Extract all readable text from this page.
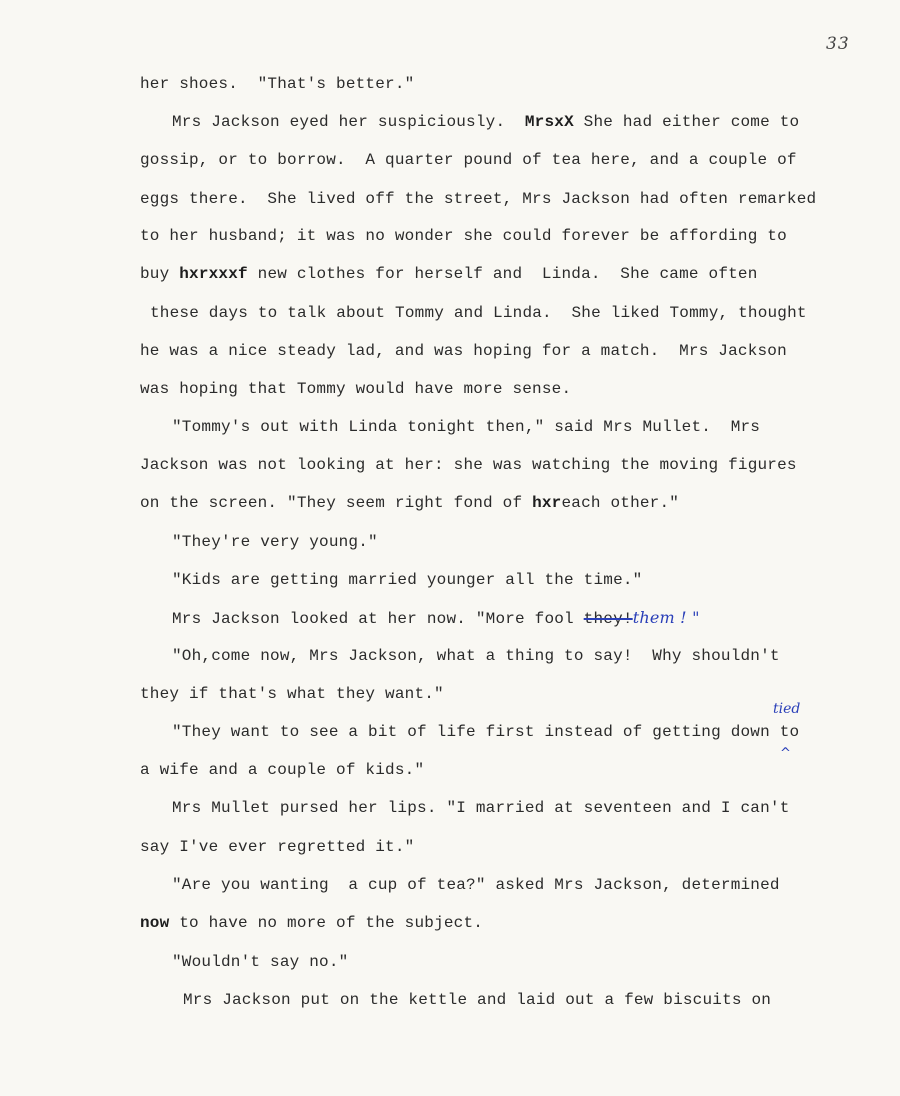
33
her shoes.  "That's better."
Mrs Jackson eyed her suspiciously.  MrsxX She had either come to
gossip, or to borrow.  A quarter pound of tea here, and a couple of
eggs there.  She lived off the street, Mrs Jackson had often remarked
to her husband; it was no wonder she could forever be affording to
buy hxrxxxf new clothes for herself and  Linda.  She came often
these days to talk about Tommy and Linda.  She liked Tommy, thought
he was a nice steady lad, and was hoping for a match.  Mrs Jackson
was hoping that Tommy would have more sense.
"Tommy's out with Linda tonight then," said Mrs Mullet.  Mrs
Jackson was not looking at her: she was watching the moving figures
on the screen. "They seem right fond of hxreach other."
"They're very young."
"Kids are getting married younger all the time."
Mrs Jackson looked at her now. "More fool they!them ! "
"Oh,come now, Mrs Jackson, what a thing to say!  Why shouldn't
they if that's what they want."
tied
^
"They want to see a bit of life first instead of getting down to
a wife and a couple of kids."
Mrs Mullet pursed her lips. "I married at seventeen and I can't
say I've ever regretted it."
"Are you wanting  a cup of tea?" asked Mrs Jackson, determined
now to have no more of the subject.
"Wouldn't say no."
Mrs Jackson put on the kettle and laid out a few biscuits on
